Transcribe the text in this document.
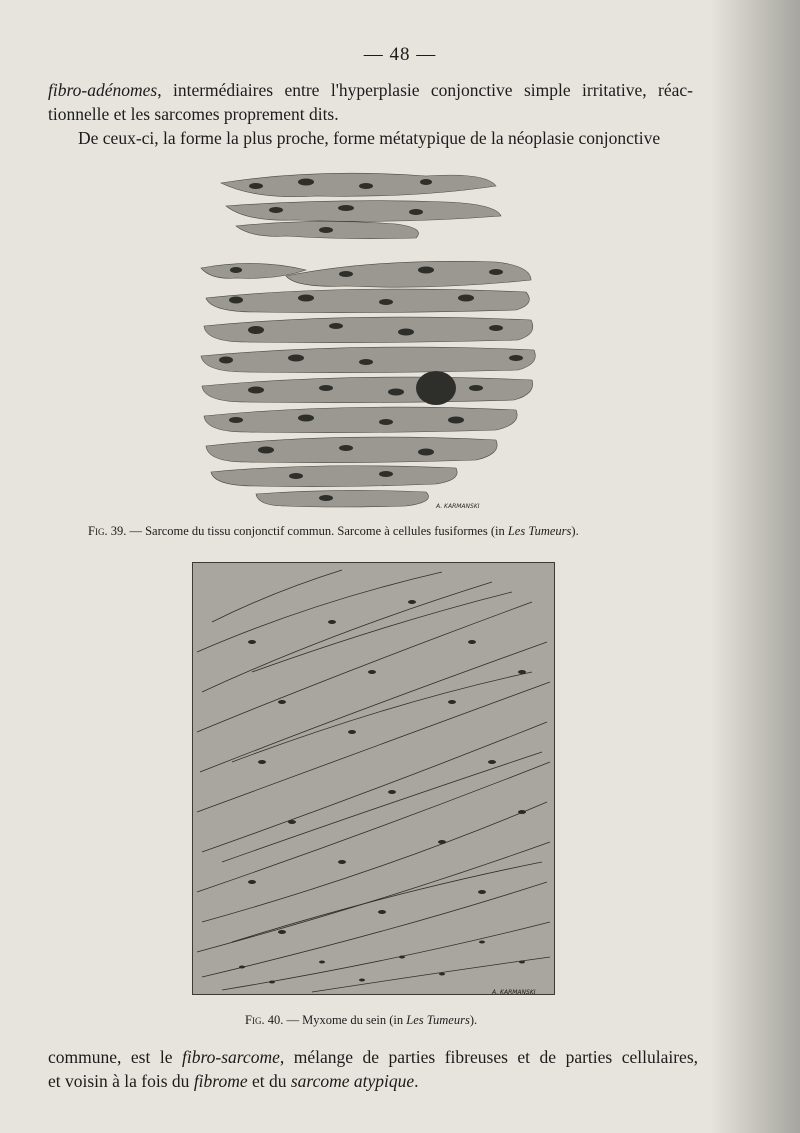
— 48 —
fibro-adénomes, intermédiaires entre l'hyperplasie conjonctive simple irritative, réac-
tionnelle et les sarcomes proprement dits.
De ceux-ci, la forme la plus proche, forme métatypique de la néoplasie conjonctive
A. KARMANSKI
Fig. 39. — Sarcome du tissu conjonctif commun. Sarcome à cellules fusiformes (in Les Tumeurs).
A. KARMANSKI
Fig. 40. — Myxome du sein (in Les Tumeurs).
commune, est le fibro-sarcome, mélange de parties fibreuses et de parties cellulaires,
et voisin à la fois du fibrome et du sarcome atypique.
